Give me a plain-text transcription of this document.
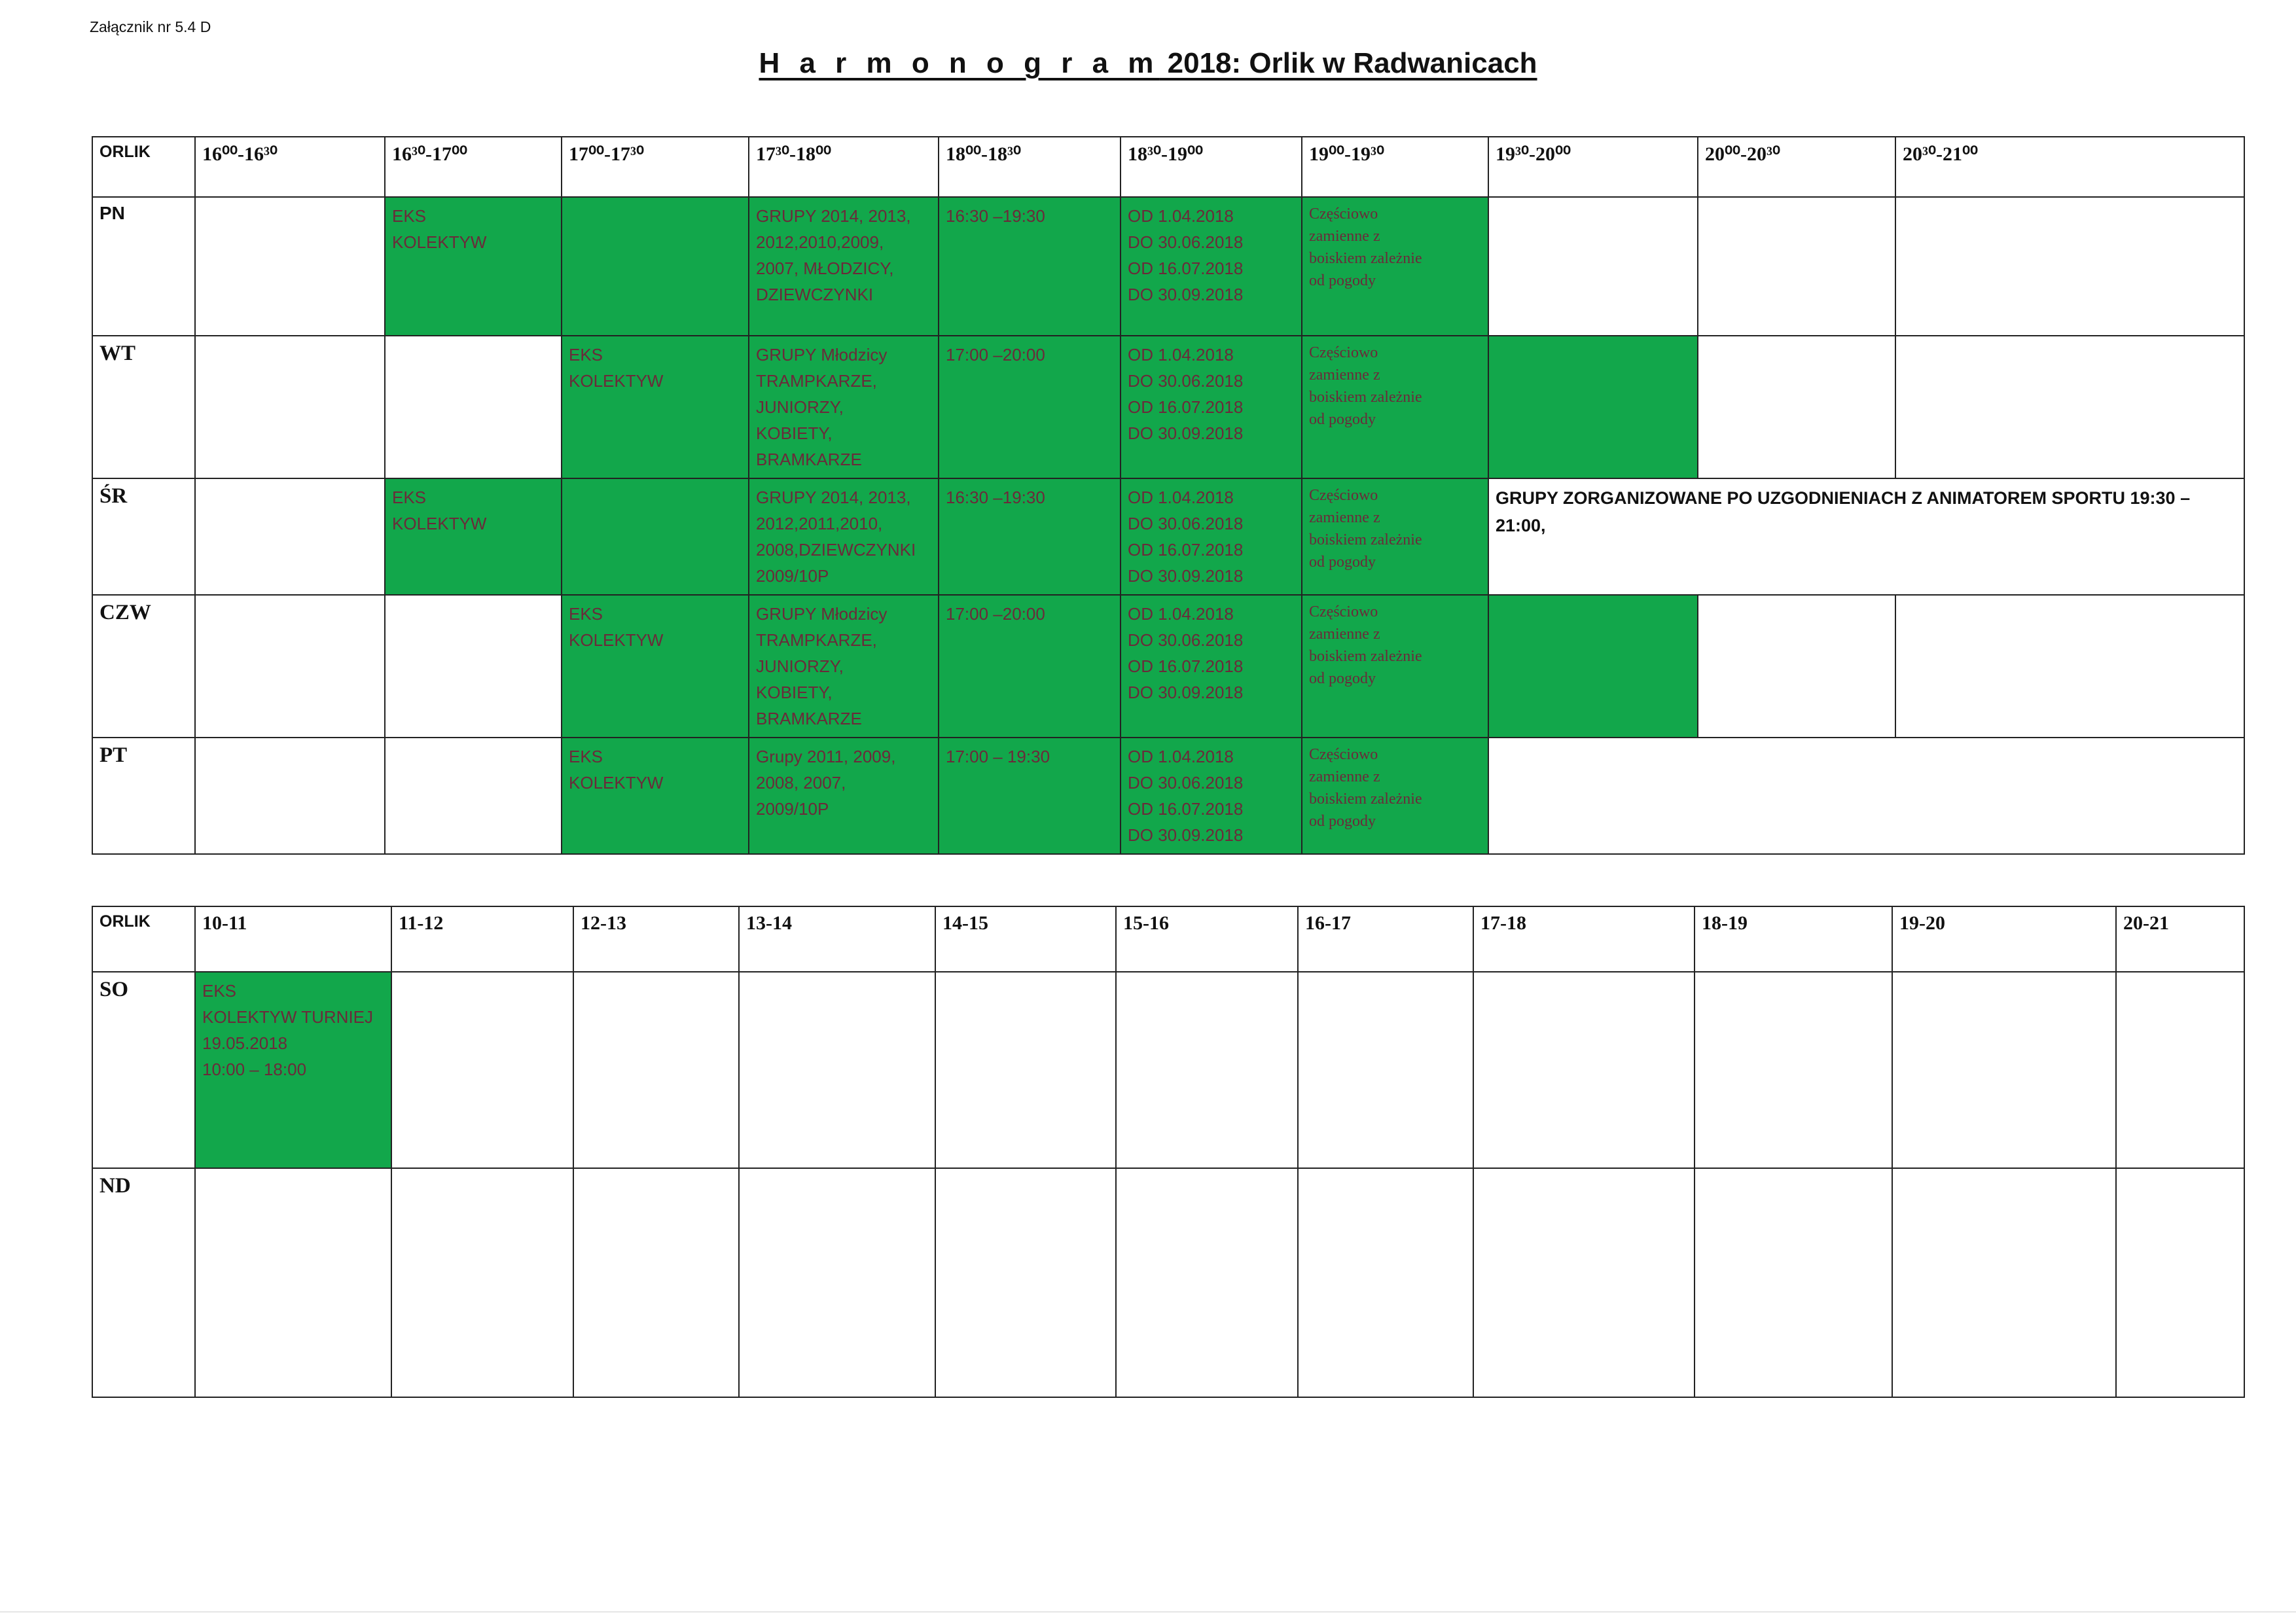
Załącznik nr 5.4 D
H a r m o n o g r a m 2018: Orlik w Radwanicach
ORLIK	16⁰⁰-16³⁰	16³⁰-17⁰⁰	17⁰⁰-17³⁰	17³⁰-18⁰⁰	18⁰⁰-18³⁰	18³⁰-19⁰⁰	19⁰⁰-19³⁰	19³⁰-20⁰⁰	20⁰⁰-20³⁰	20³⁰-21⁰⁰
PN		EKS
KOLEKTYW		GRUPY 2014, 2013,
2012,2010,2009,
2007, MŁODZICY,
DZIEWCZYNKI	16:30 –19:30	OD 1.04.2018
DO 30.06.2018
OD 16.07.2018
DO 30.09.2018	Częściowo
zamienne z
boiskiem zależnie
od pogody			

WT			EKS
KOLEKTYW	GRUPY Młodzicy
TRAMPKARZE,
JUNIORZY,
KOBIETY,
BRAMKARZE	17:00 –20:00	OD 1.04.2018
DO 30.06.2018
OD 16.07.2018
DO 30.09.2018	Częściowo
zamienne z
boiskiem zależnie
od pogody			

ŚR		EKS
KOLEKTYW		GRUPY 2014, 2013,
2012,2011,2010,
2008,DZIEWCZYNKI
2009/10P	16:30 –19:30	OD 1.04.2018
DO 30.06.2018
OD 16.07.2018
DO 30.09.2018	Częściowo
zamienne z
boiskiem zależnie
od pogody	GRUPY ZORGANIZOWANE PO UZGODNIENIACH Z ANIMATOREM SPORTU 19:30 – 21:00,		

CZW			EKS
KOLEKTYW	GRUPY Młodzicy
TRAMPKARZE,
JUNIORZY,
KOBIETY,
BRAMKARZE	17:00 –20:00	OD 1.04.2018
DO 30.06.2018
OD 16.07.2018
DO 30.09.2018	Częściowo
zamienne z
boiskiem zależnie
od pogody			

PT			EKS
KOLEKTYW	Grupy 2011, 2009,
2008, 2007,
2009/10P	17:00 – 19:30	OD 1.04.2018
DO 30.06.2018
OD 16.07.2018
DO 30.09.2018	Częściowo
zamienne z
boiskiem zależnie
od pogody			

ORLIK	10-11	11-12	12-13	13-14	14-15	15-16	16-17	17-18	18-19	19-20	20-21
SO	EKS
KOLEKTYW TURNIEJ
19.05.2018
10:00 – 18:00										

ND											
